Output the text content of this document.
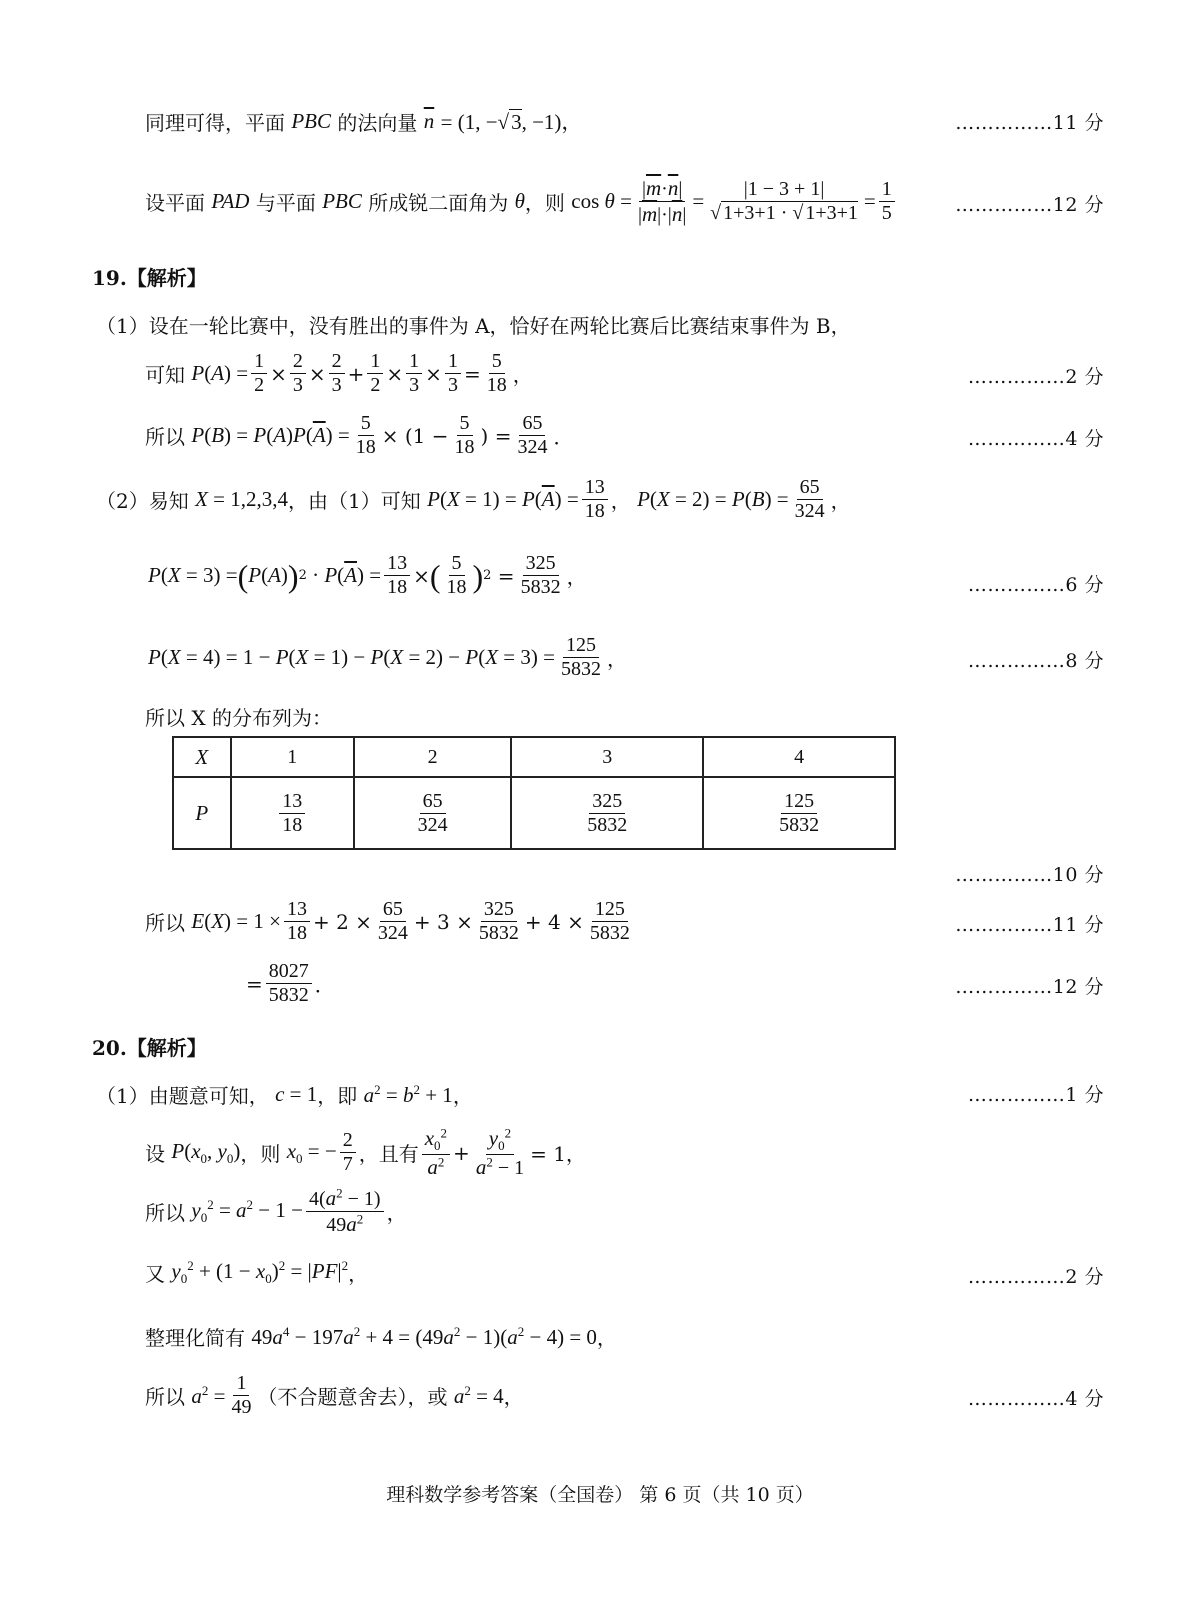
同理可得，平面 PBC 的法向量 $\overline{n}$
= (1, −√3, −1)，	……………11 分
设平面 PAD 与平面 PBC 所成锐二面角为 θ ，则 $\cos \theta = \frac{|\overline{m}\cdot\overline{n}|}{|\overline{m}|\cdot|\overline{n}|} = \frac{|1 - 3 + 1|}{√ 1+3+1 \cdot √ 1+3+1} = \frac{1}{5}$	……………12 分
19.【解析】
（1）设在一轮比赛中，没有胜出的事件为 A，恰好在两轮比赛后比赛结束事件为 B，
可知 $P(A) = \frac{1}{2} \times \frac{2}{3} \times \frac{2}{3} + \frac{1}{2} \times \frac{1}{3} \times \frac{1}{3} = \frac{5}{18}$ ，	……………2 分
所以 $P(B) = P(A)P(\overline{A}) = \frac{5}{18} \times (1 - \frac{5}{18}$ ) = $\frac{65}{324}$ ．	……………4 分
（2）易知 X = 1,2,3,4 ，由（1）可知 $P(X = 1) = P(\overline{A}) = \frac{13}{18}$ ， $P(X = 2) = P(B) = \frac{65}{324}$ ，
P(X = 3) = ( P(A) ) $2 \cdot P(\overline{A}) = \frac{13}{18}$ × ( $\frac{5}{18}$ ) $2 = \frac{325}{5832}$ ，	……………6 分
$P(X = 4) = 1 - P(X = 1) - P(X = 2) - P(X = 3) = \frac{125}{5832}$ ，	……………8 分
所以 X 的分布列为：
X	1	2	3	4
P	$\frac{13}{18}$	$\frac{65}{324}$	$\frac{325}{5832}$	$\frac{125}{5832}$
……………10 分
所以 $E(X) = 1 \times \frac{13}{18} + 2 \times \frac{65}{324} + 3 \times \frac{325}{5832} + 4 \times \frac{125}{5832}$	……………11 分
= $\frac{8027}{5832}$ ．	……………12 分
20.【解析】
（1）由题意可知， c = 1 ，即 $a^2 = b^2 + 1$ ，	……………1 分
设 $P(x_0$, $y_0$) ，则 $x_0$ = − $\frac{2}{7}$ ，且有 $\frac{x_0^2}{a^2} + \frac{y_0^2}{a^2 - 1} = 1$，
所以 $y_0^2 = a^2 - 1 - \frac{4(a^2 - 1)}{49a^2}$ ，
又 $y_0^2 + (1 - x_0)^2 = |PF|^2$ ，	……………2 分
整理化简有 $49a^4 - 197a^2 + 4 = (49a^2 - 1)(a^2 - 4) = 0$ ，
所以 $a^2 = \frac{1}{49}$ （不合题意舍去），或 $a^2 = 4$ ，	……………4 分
理科数学参考答案（全国卷） 第 6 页（共 10 页）
